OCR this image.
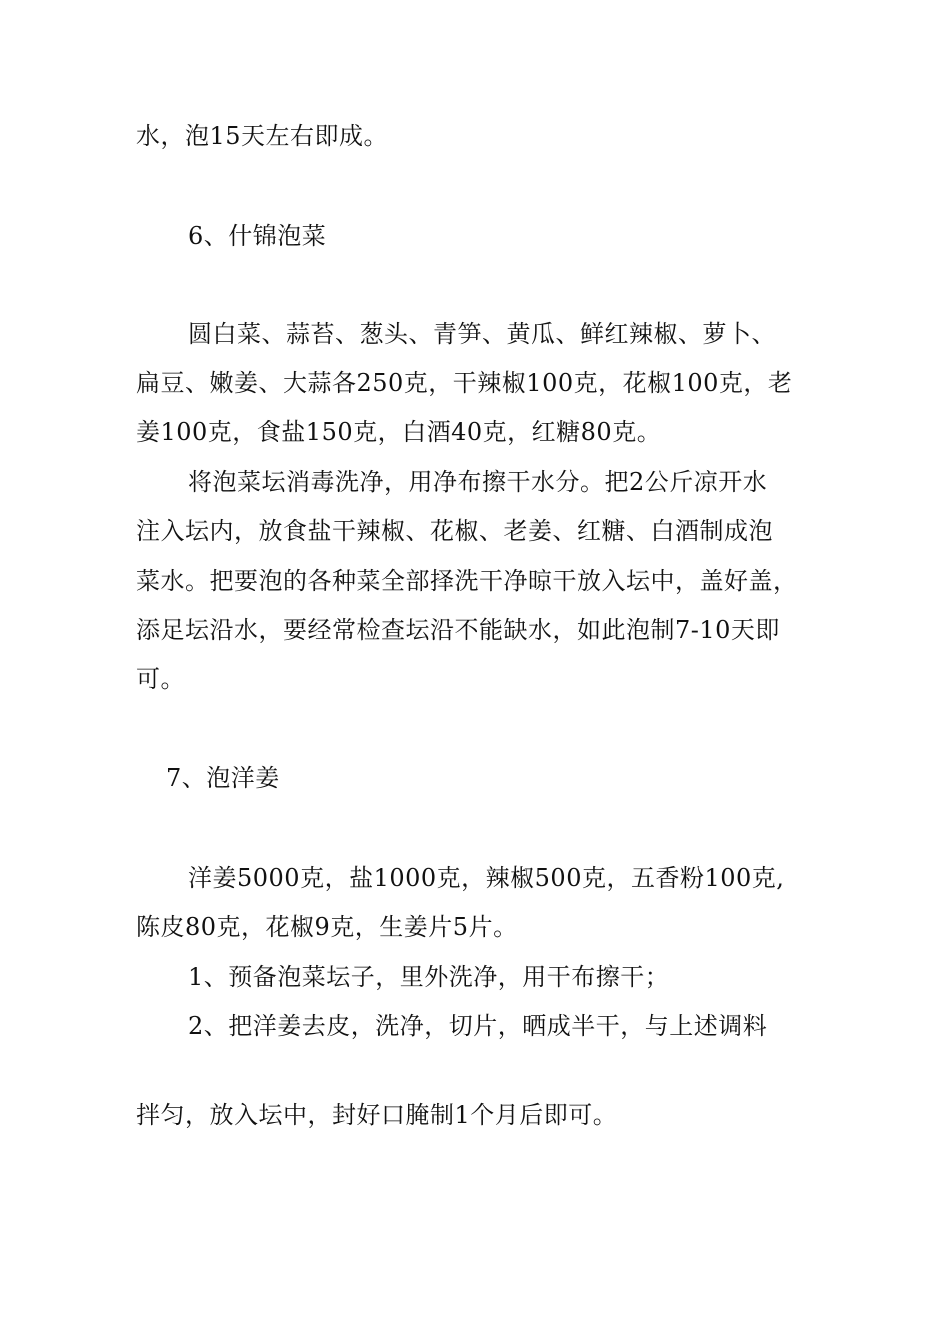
水，泡15天左右即成。
6、什锦泡菜
圆白菜、蒜苔、葱头、青笋、黄瓜、鲜红辣椒、萝卜、
扁豆、嫩姜、大蒜各250克，干辣椒100克，花椒100克，老
姜100克，食盐150克，白酒40克，红糖80克。
将泡菜坛消毒洗净，用净布擦干水分。把2公斤凉开水
注入坛内，放食盐干辣椒、花椒、老姜、红糖、白酒制成泡
菜水。把要泡的各种菜全部择洗干净晾干放入坛中，盖好盖，
添足坛沿水，要经常检查坛沿不能缺水，如此泡制7-10天即
可。
7、泡洋姜
洋姜5000克，盐1000克，辣椒500克，五香粉100克,
陈皮80克，花椒9克，生姜片5片。
1、预备泡菜坛子，里外洗净，用干布擦干；
2、把洋姜去皮，洗净，切片，晒成半干，与上述调料
拌匀，放入坛中，封好口腌制1个月后即可。
